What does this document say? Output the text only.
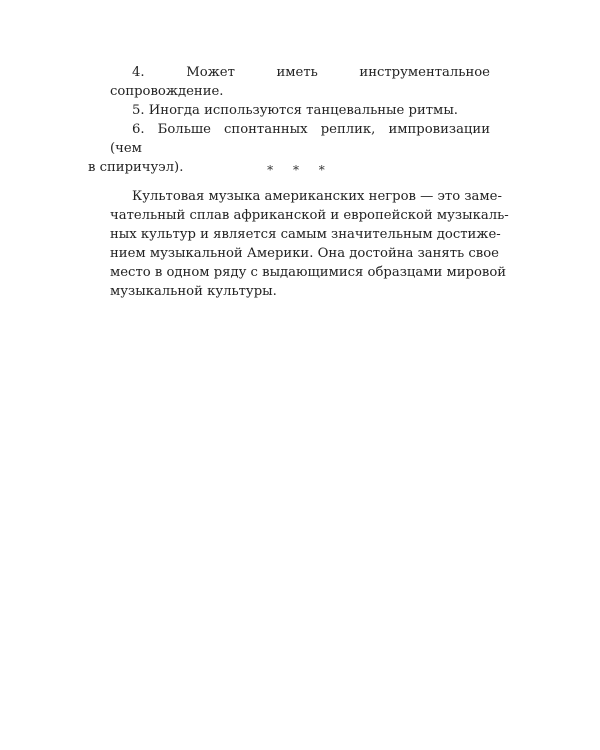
4. Может иметь инструментальное сопровождение.

5. Иногда используются танцевальные ритмы.

6. Больше спонтанных реплик, импровизации (чем
в спиричуэл).	* * *
Культовая музыка американских негров — это заме-
чательный сплав африканской и европейской музыкаль-
ных культур и является самым значительным достиже-
нием музыкальной Америки. Она достойна занять свое
место в одном ряду с выдающимися образцами мировой
музыкальной культуры.
